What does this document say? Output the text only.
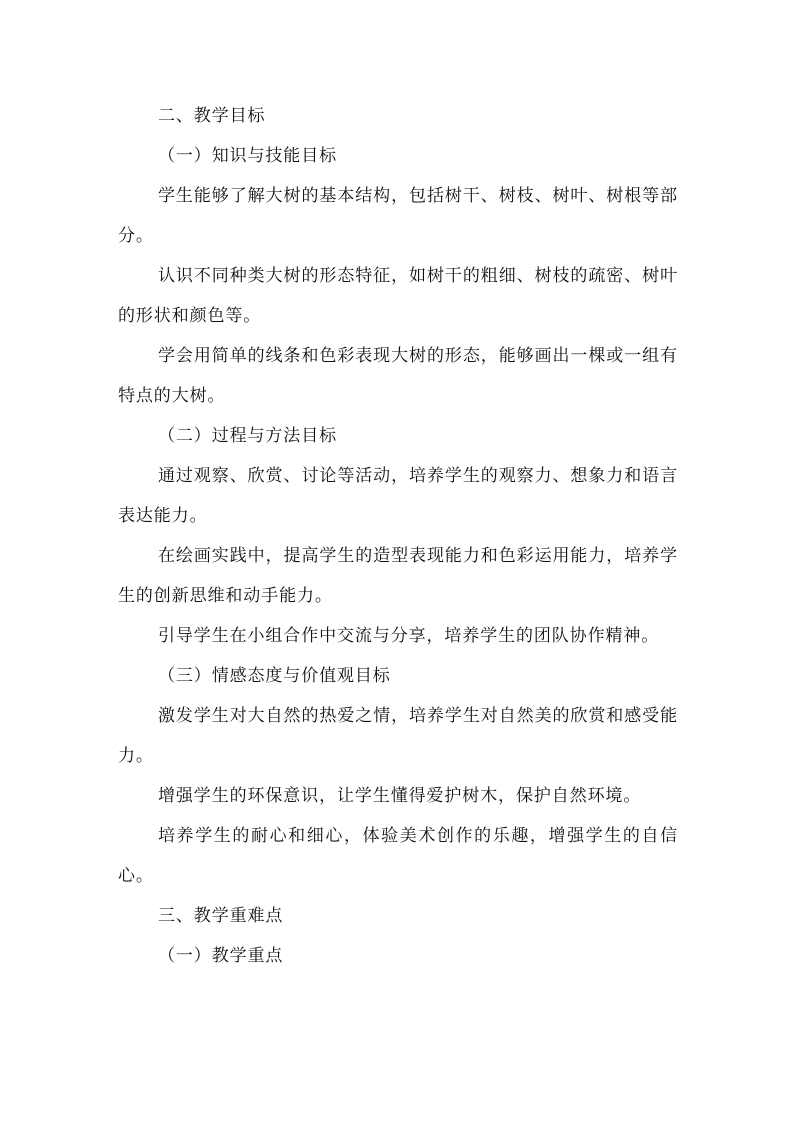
二、教学目标

（一）知识与技能目标

学生能够了解大树的基本结构，包括树干、树枝、树叶、树根等部分。

认识不同种类大树的形态特征，如树干的粗细、树枝的疏密、树叶的形状和颜色等。

学会用简单的线条和色彩表现大树的形态，能够画出一棵或一组有特点的大树。

（二）过程与方法目标

通过观察、欣赏、讨论等活动，培养学生的观察力、想象力和语言表达能力。

在绘画实践中，提高学生的造型表现能力和色彩运用能力，培养学生的创新思维和动手能力。

引导学生在小组合作中交流与分享，培养学生的团队协作精神。

（三）情感态度与价值观目标

激发学生对大自然的热爱之情，培养学生对自然美的欣赏和感受能力。

增强学生的环保意识，让学生懂得爱护树木，保护自然环境。

培养学生的耐心和细心，体验美术创作的乐趣，增强学生的自信心。

三、教学重难点

（一）教学重点
